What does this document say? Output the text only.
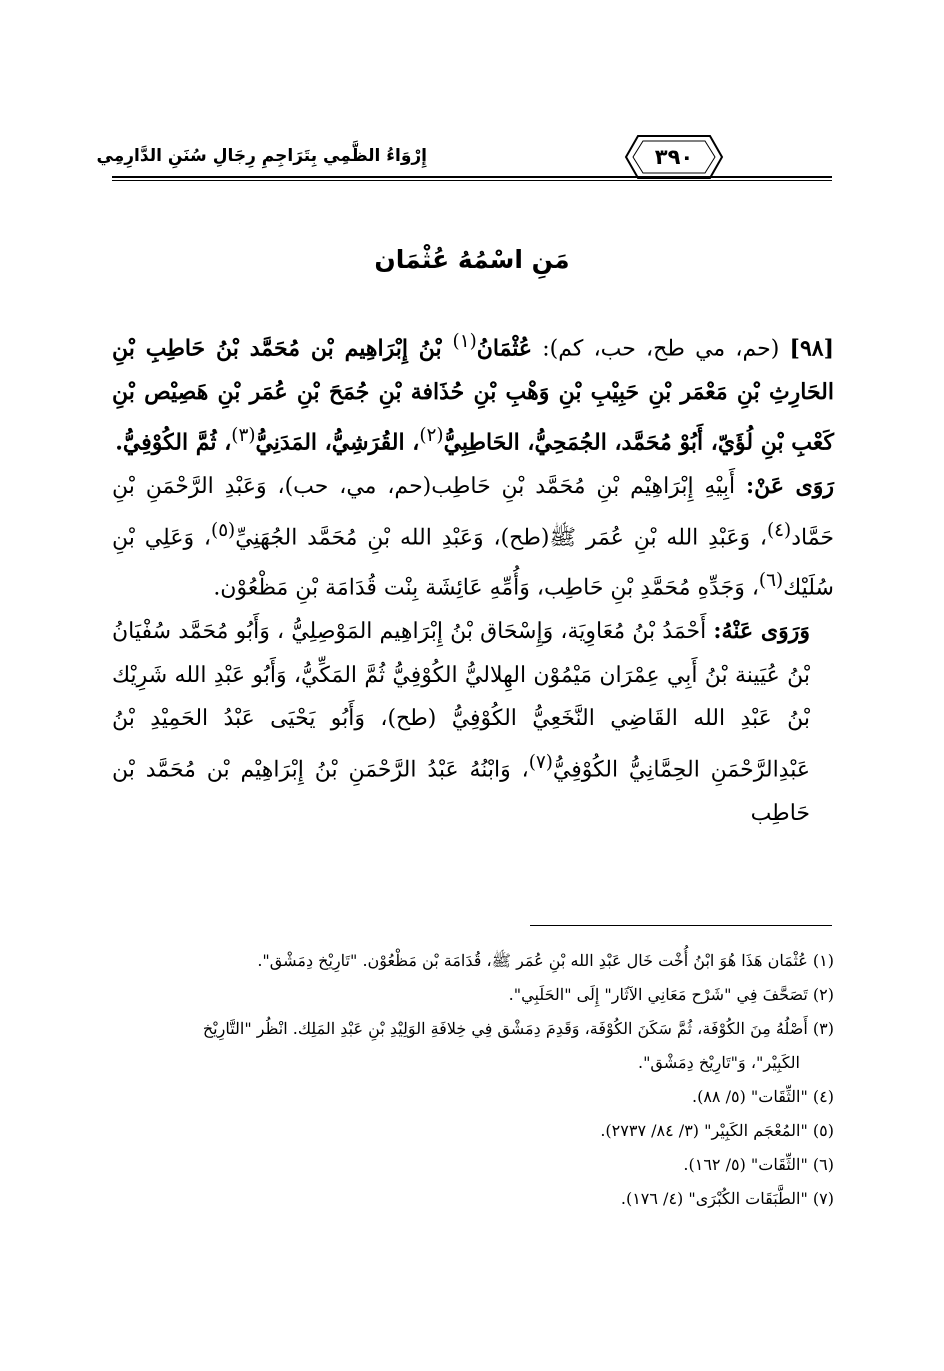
إِرْوَاءُ الظَّمِي بِتَرَاجِمِ رِجَالِ سُنَنِ الدَّارِمِي	٣٩٠
مَنِ اسْمُهُ عُثْمَان

[٩٨] (حم، مي طح، حب، كم): عُثْمَانُ$^{(١)}$ بْنُ إِبْرَاهِيم بْن مُحَمَّد بْنُ حَاطِبِ بْنِ الحَارِثِ بْنِ مَعْمَر بْنِ حَبِيْبِ بْنِ وَهْبِ بْنِ حُذَافة بْنِ جُمَحَ بْنِ عُمَر بْنِ هَصِيْص بْنِ كَعْبِ بْنِ لُؤَيّ، أَبُوْ مُحَمَّد، الجُمَحِيُّ، الحَاطِبِيُّ$^{(٢)}$، القُرَشِيُّ، المَدَنِيُّ$^{(٣)}$، ثُمَّ الكُوْفِيُّ.

رَوَى عَنْ: أَبِيْهِ إِبْرَاهِيْم بْنِ مُحَمَّد بْنِ حَاطِب(حم، مي، حب)، وَعَبْدِ الرَّحْمَنِ بْنِ حَمَّاد$^{(٤)}$، وَعَبْدِ الله بْنِ عُمَر ﷺ(طح)، وَعَبْدِ الله بْنِ مُحَمَّد الجُهَنِيِّ$^{(٥)}$، وَعَلِي بْنِ سُلَيْك$^{(٦)}$، وَجَدِّهِ مُحَمَّدِ بْنِ حَاطِب، وَأُمِّهِ عَائِشَة بِنْت قُدَامَة بْنِ مَظْعُوْن.

وَرَوَى عَنْهُ: أَحْمَدُ بْنُ مُعَاوِيَة، وَإِسْحَاق بْنُ إِبْرَاهِيم المَوْصِلِيُّ ، وَأَبُو مُحَمَّد سُفْيَانُ بْنُ عُيَينة بْنُ أَبِي عِمْرَان مَيْمُوْن الهِلاليُّ الكُوْفِيُّ ثُمَّ المَكِّيُّ، وَأَبُو عَبْدِ الله شَرِيْك بْنُ عَبْدِ الله القَاضِي النَّخَعِيُّ الكُوْفِيُّ (طح)، وَأَبُو يَحْيَى عَبْدُ الحَمِيْدِ بْنُ عَبْدِالرَّحْمَنِ الحِمَّانِيُّ الكُوْفِيُّ$^{(٧)}$، وَابْنُهُ عَبْدُ الرَّحْمَنِ بْنُ إِبْرَاهِيْم بْن مُحَمَّد بْن حَاطِب

(١) عُثْمَان هَذَا هُوَ ابْنُ أُخْت خَال عَبْدِ الله بْنِ عُمَر ﷺ، قُدَامَة بْن مَظْعُوْن. "تَارِيْخ دِمَشْق".

(٢) تَصَحَّفَ فِي "شَرْح مَعَانِي الآثَار" إِلَى "الحَلَبِي".

(٣) أَصْلُهُ مِنَ الكُوْفَة، ثُمَّ سَكَنَ الكُوْفَة، وَقَدِمَ دِمَشْق فِي خِلافَةِ الوَلِيْدِ بْنِ عَبْدِ المَلِك. انْظُر "التَّارِيْخ

الكَبِيْر"، وَ"تَارِيْخ دِمَشْق".

(٤) "الثِّقَات" (٥/ ٨٨).

(٥) "المُعْجَم الكَبِيْر" (٣/ ٨٤/ ٢٧٣٧).

(٦) "الثِّقَات" (٥/ ١٦٢).

(٧) "الطَّبَقَات الكُبْرَى" (٤/ ١٧٦).
